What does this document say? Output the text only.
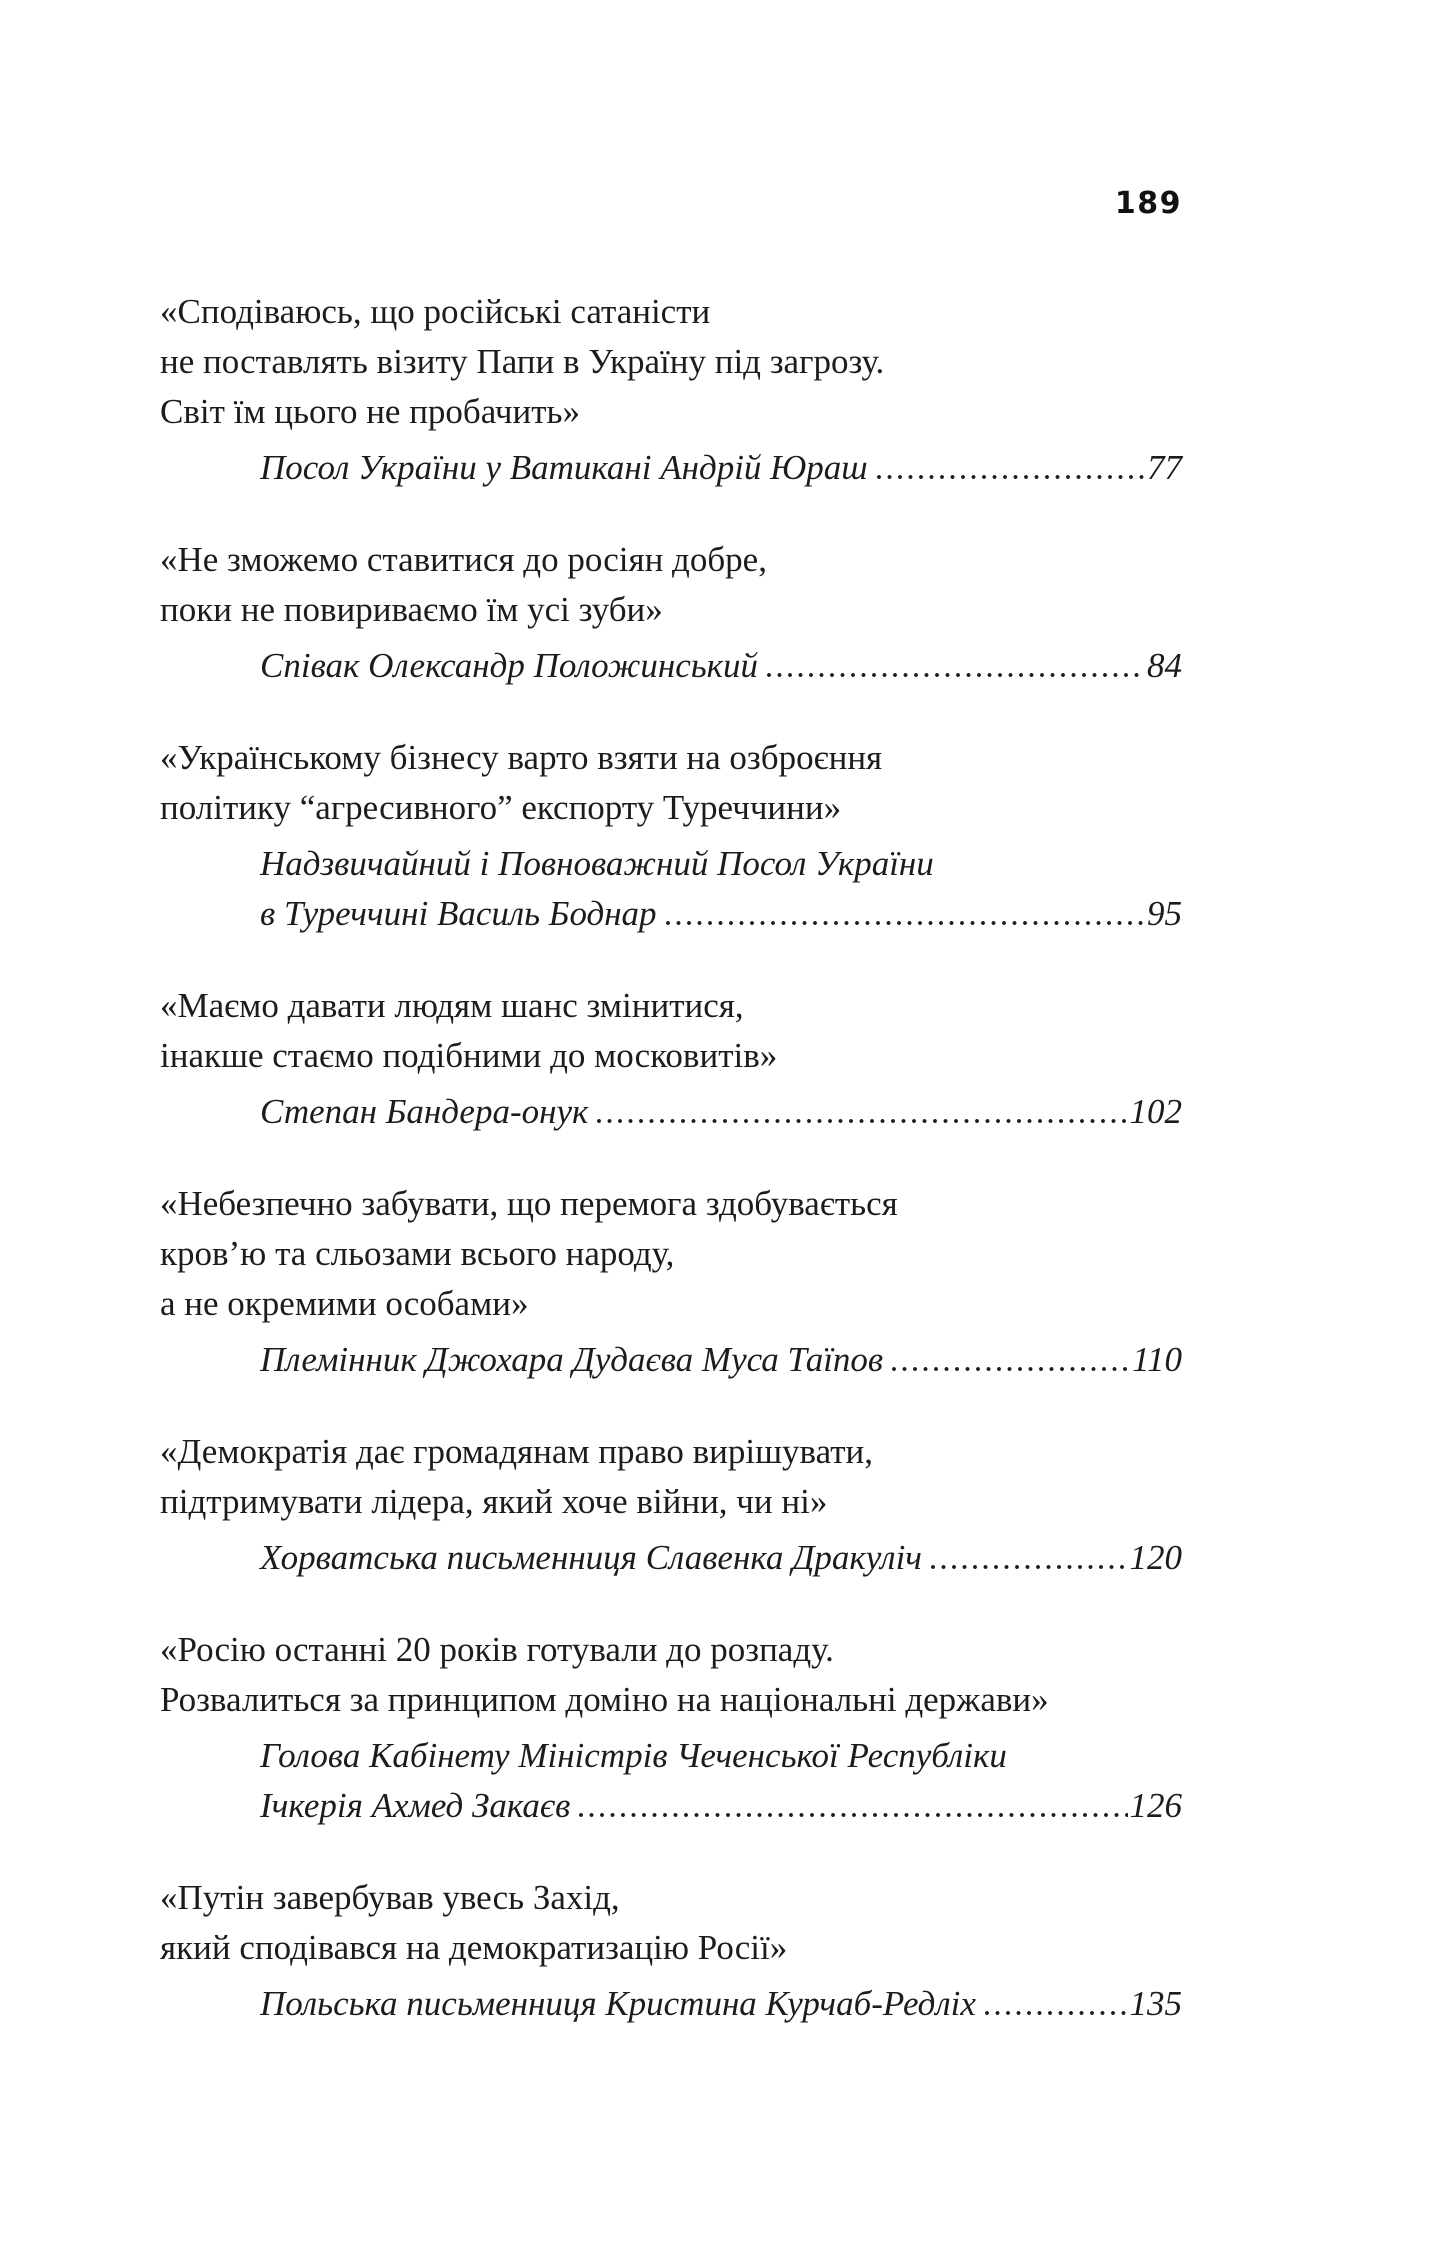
189
«Сподіваюсь, що російські сатаністи
не поставлять візиту Папи в Україну під загрозу.
Світ їм цього не пробачить»
Посол України у Ватикані Андрій Юраш	77
«Не зможемо ставитися до росіян добре,
поки не повириваємо їм усі зуби»
Співак Олександр Положинський	84
«Українському бізнесу варто взяти на озброєння
політику “агресивного” експорту Туреччини»
Надзвичайний і Повноважний Посол України
в Туреччині Василь Боднар	95
«Маємо давати людям шанс змінитися,
інакше стаємо подібними до московитів»
Степан Бандера-онук	102
«Небезпечно забувати, що перемога здобувається
кров’ю та сльозами всього народу,
а не окремими особами»
Племінник Джохара Дудаєва Муса Таїпов	110
«Демократія дає громадянам право вирішувати,
підтримувати лідера, який хоче війни, чи ні»
Хорватська письменниця Славенка Дракуліч	120
«Росію останні 20 років готували до розпаду.
Розвалиться за принципом доміно на національні держави»
Голова Кабінету Міністрів Чеченської Республіки
Ічкерія Ахмед Закаєв	126
«Путін завербував увесь Захід,
який сподівався на демократизацію Росії»
Польська письменниця Кристина Курчаб-Редліх	135
